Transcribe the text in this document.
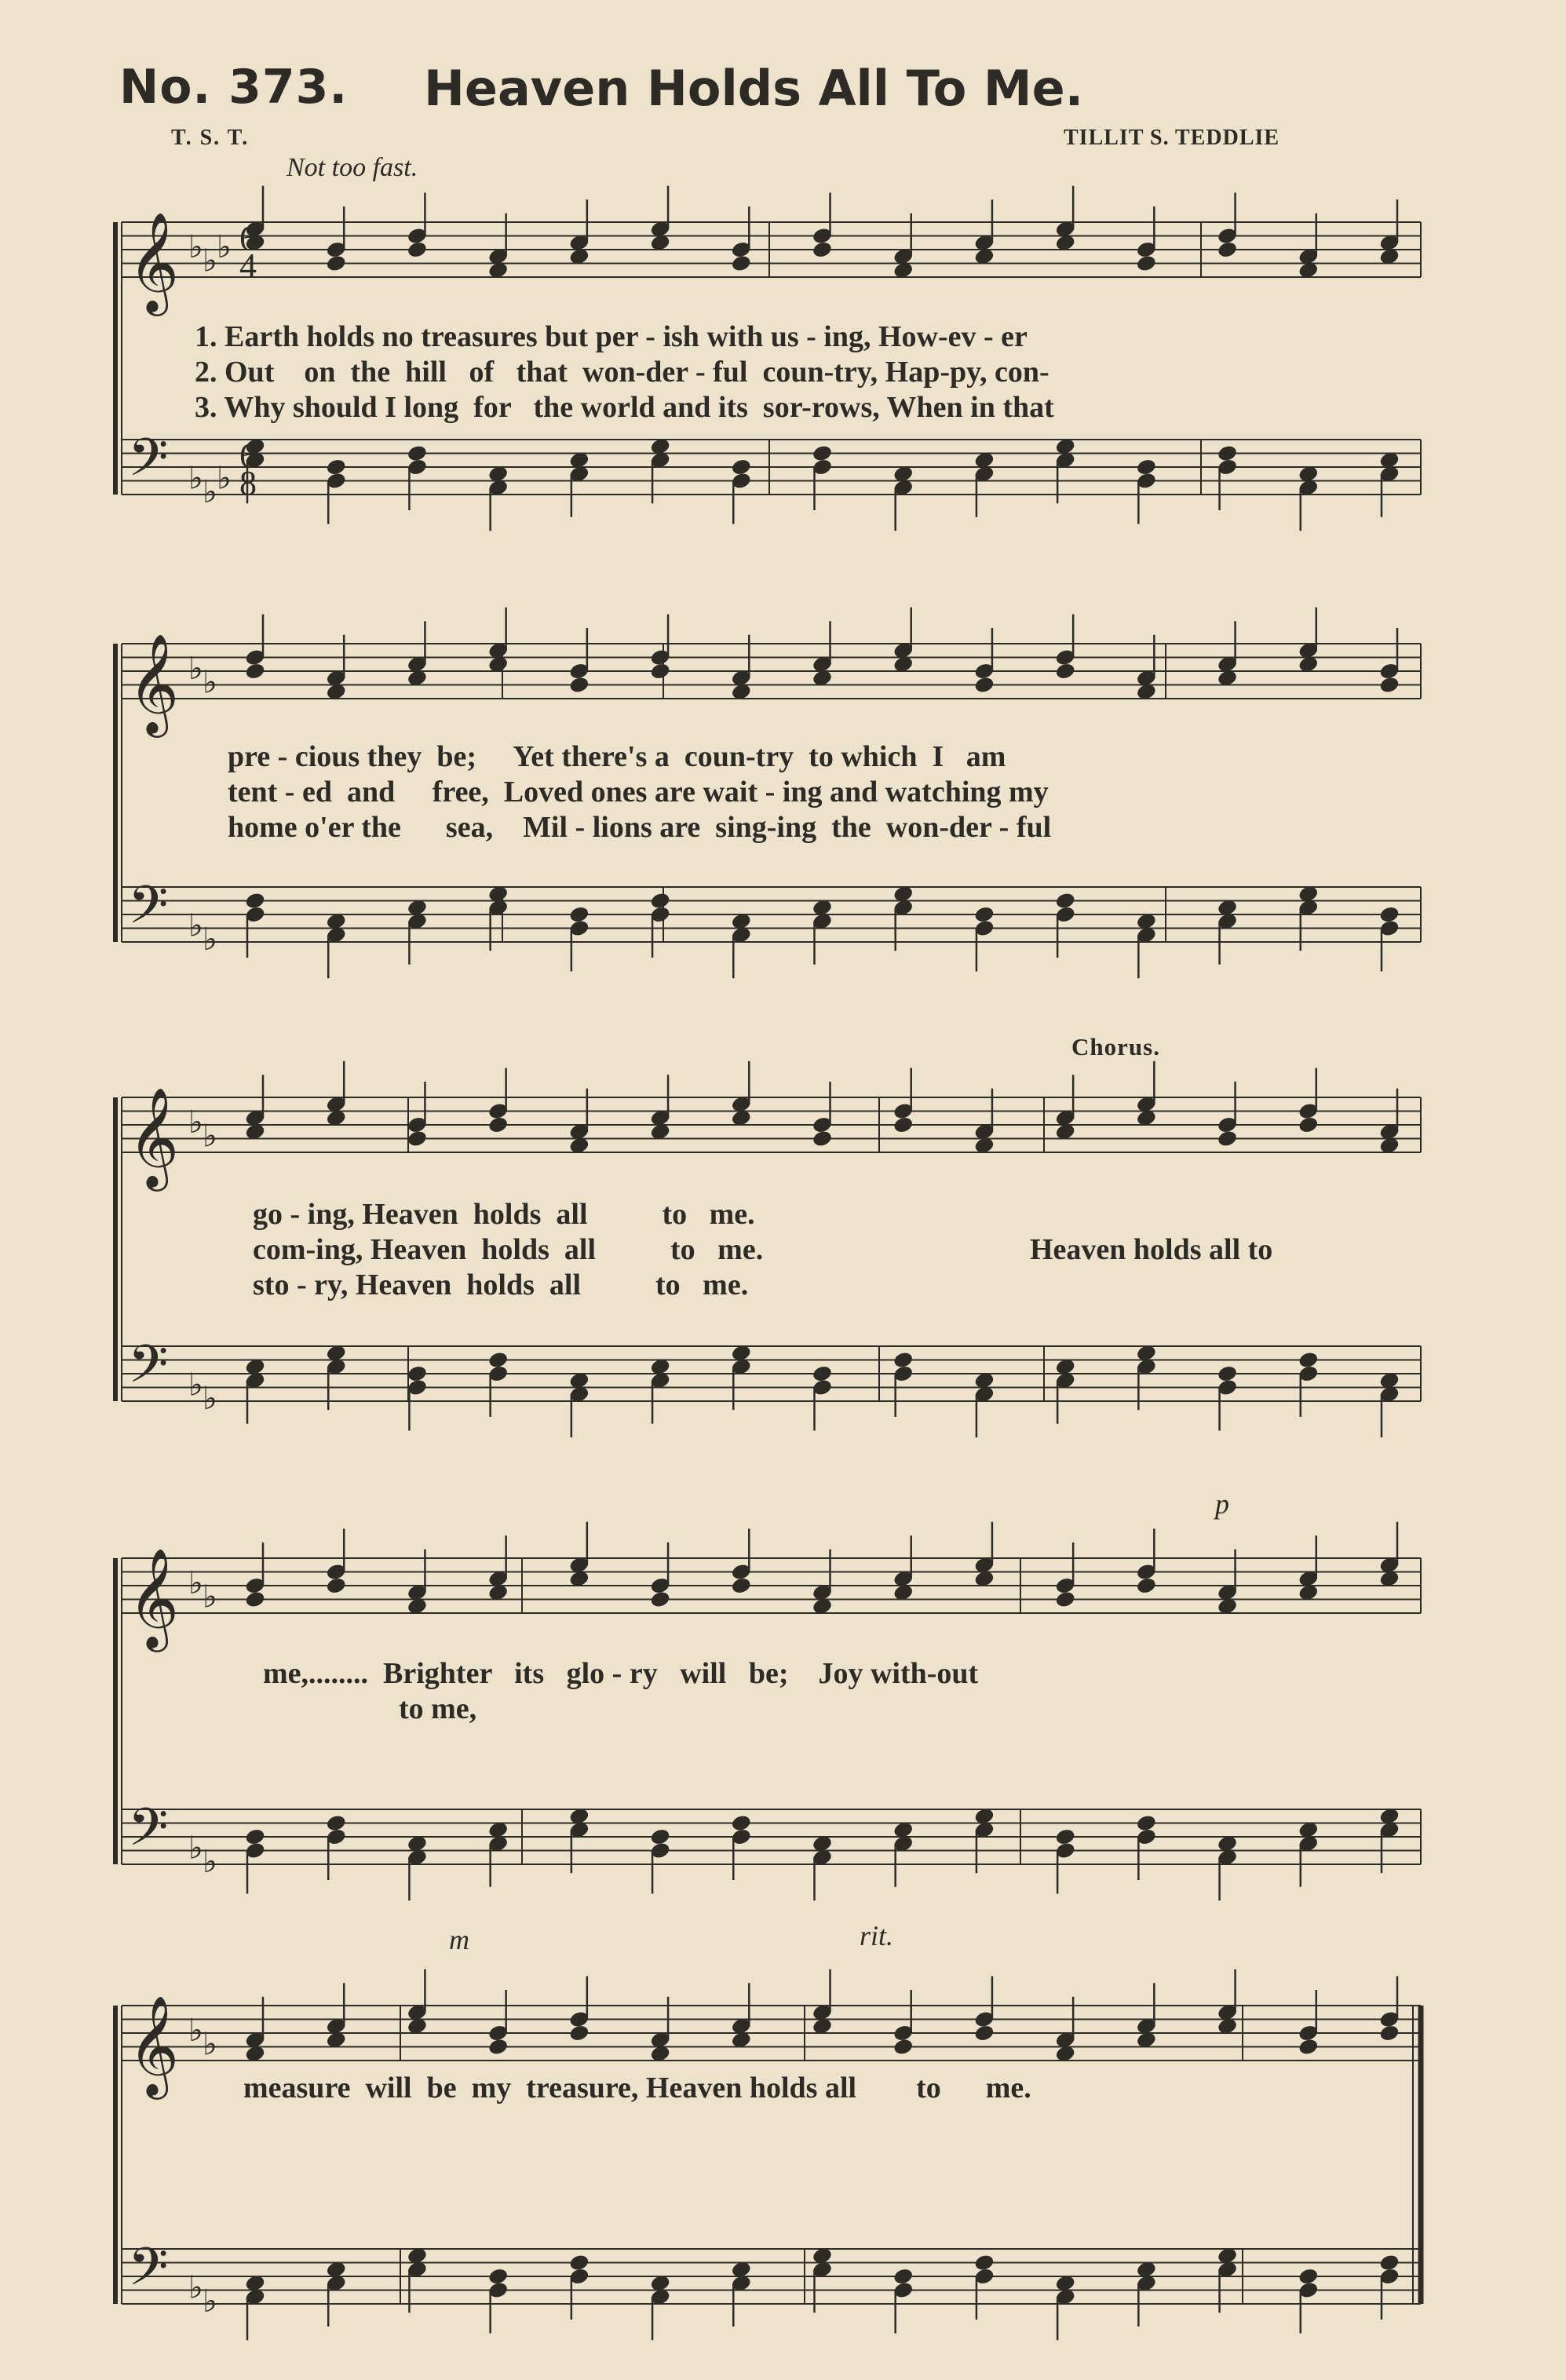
No. 373. Heaven Holds All To Me.
T. S. T.	TILLIT S. TEDDLIE
Not too fast.
𝄞
𝄢
♭
♭
♭
♭
♭
♭
𝄞
𝄢
♭
♭
♭
♭
𝄞
𝄢
♭
♭
♭
♭
𝄞
𝄢
♭
♭
♭
♭
𝄞
𝄢
♭
♭
♭
♭
6
4
6
8
1. Earth holds no treasures but per - ish with us - ing, How-ev - er
2. Out    on  the  hill   of   that  won-der - ful  coun-try, Hap-py, con-
3. Why should I long  for   the world and its  sor-rows, When in that
pre - cious they  be;     Yet there's a  coun-try  to which  I   am
tent - ed  and     free,  Loved ones are wait - ing and watching my
home o'er the      sea,    Mil - lions are  sing-ing  the  won-der - ful
Chorus.
go - ing, Heaven  holds  all          to   me.
com-ing, Heaven  holds  all          to   me.
sto - ry, Heaven  holds  all          to   me.
Heaven holds all to
p
me,........  Brighter   its   glo - ry   will   be;    Joy with-out
to me,
m	rit.
measure  will  be  my  treasure, Heaven holds all        to      me.
